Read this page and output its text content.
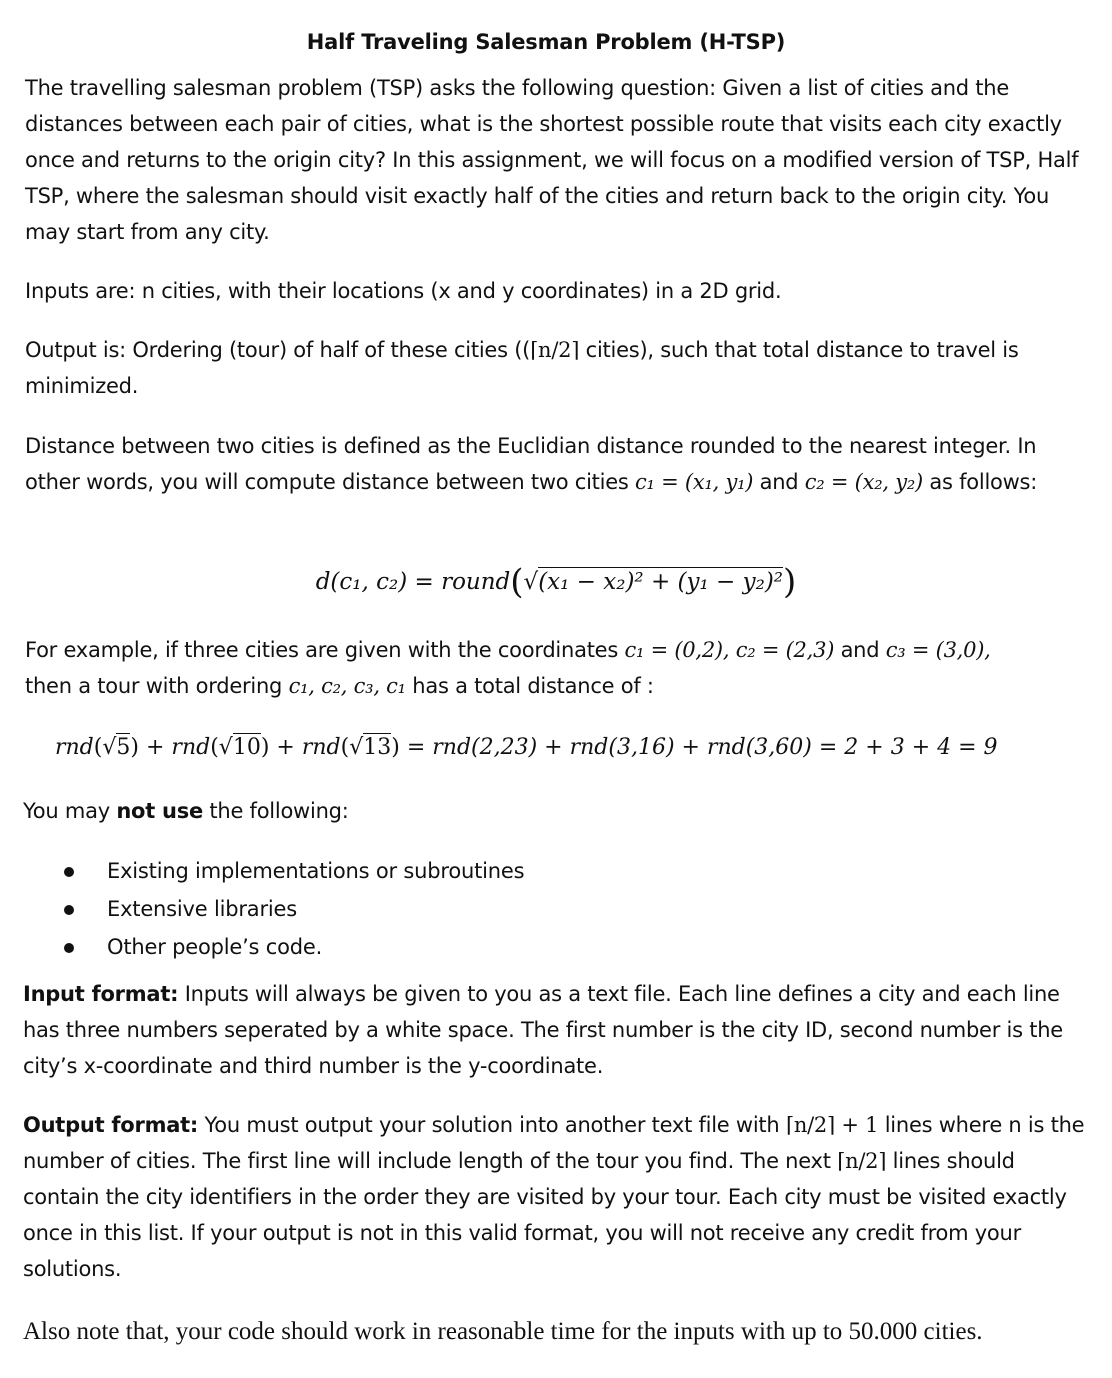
Half Traveling Salesman Problem (H-TSP)

The travelling salesman problem (TSP) asks the following question: Given a list of cities and the distances between each pair of cities, what is the shortest possible route that visits each city exactly once and returns to the origin city? In this assignment, we will focus on a modified version of TSP, Half TSP, where the salesman should visit exactly half of the cities and return back to the origin city. You may start from any city.

Inputs are: n cities, with their locations (x and y coordinates) in a 2D grid.

Output is: Ordering (tour) of half of these cities ((⌈n/2⌉ cities), such that total distance to travel is minimized.

Distance between two cities is defined as the Euclidian distance rounded to the nearest integer. In other words, you will compute distance between two cities c₁ = (x₁, y₁) and c₂ = (x₂, y₂) as follows:

d(c₁, c₂) = round(√(x₁ − x₂)² + (y₁ − y₂)²)

For example, if three cities are given with the coordinates c₁ = (0,2), c₂ = (2,3) and c₃ = (3,0),
then a tour with ordering c₁, c₂, c₃, c₁ has a total distance of :

rnd(√5) + rnd(√10) + rnd(√13) = rnd(2,23) + rnd(3,16) + rnd(3,60) = 2 + 3 + 4 = 9

You may not use the following:

Existing implementations or subroutines
Extensive libraries
Other people’s code.

Input format: Inputs will always be given to you as a text file. Each line defines a city and each line has three numbers seperated by a white space. The first number is the city ID, second number is the city’s x-coordinate and third number is the y-coordinate.

Output format: You must output your solution into another text file with ⌈n/2⌉ + 1 lines where n is the number of cities. The first line will include length of the tour you find. The next ⌈n/2⌉ lines should contain the city identifiers in the order they are visited by your tour. Each city must be visited exactly once in this list. If your output is not in this valid format, you will not receive any credit from your solutions.

Also note that, your code should work in reasonable time for the inputs with up to 50.000 cities.
